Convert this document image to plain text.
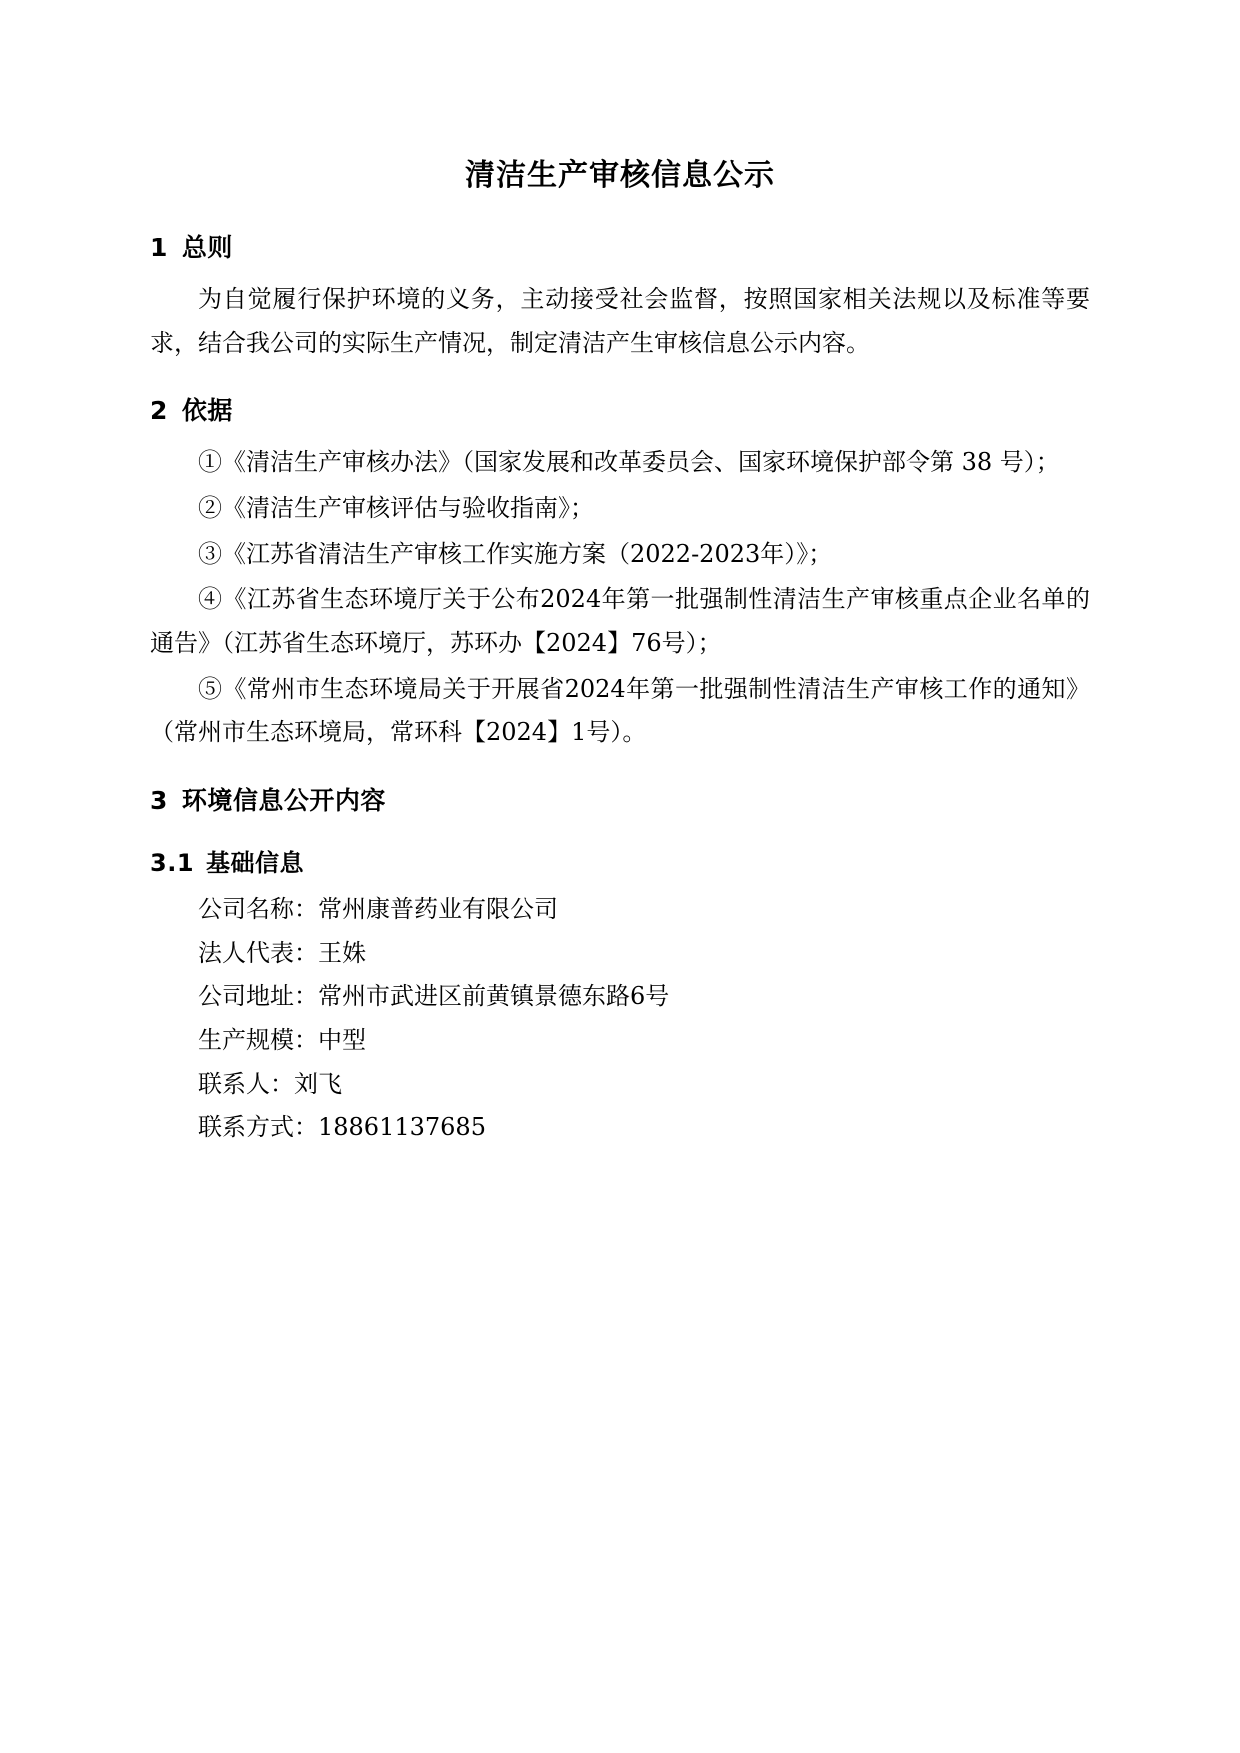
清洁生产审核信息公示
1 总则

为自觉履行保护环境的义务，主动接受社会监督，按照国家相关法规以及标准等要求，结合我公司的实际生产情况，制定清洁产生审核信息公示内容。

2 依据

①《清洁生产审核办法》（国家发展和改革委员会、国家环境保护部令第 38 号）；

②《清洁生产审核评估与验收指南》；

③《江苏省清洁生产审核工作实施方案（2022-2023年）》；

④《江苏省生态环境厅关于公布2024年第一批强制性清洁生产审核重点企业名单的通告》（江苏省生态环境厅，苏环办【2024】76号）；

⑤《常州市生态环境局关于开展省2024年第一批强制性清洁生产审核工作的通知》（常州市生态环境局，常环科【2024】1号）。

3 环境信息公开内容
3.1 基础信息
公司名称：常州康普药业有限公司
法人代表：王姝
公司地址：常州市武进区前黄镇景德东路6号
生产规模：中型
联系人：刘飞
联系方式：18861137685
